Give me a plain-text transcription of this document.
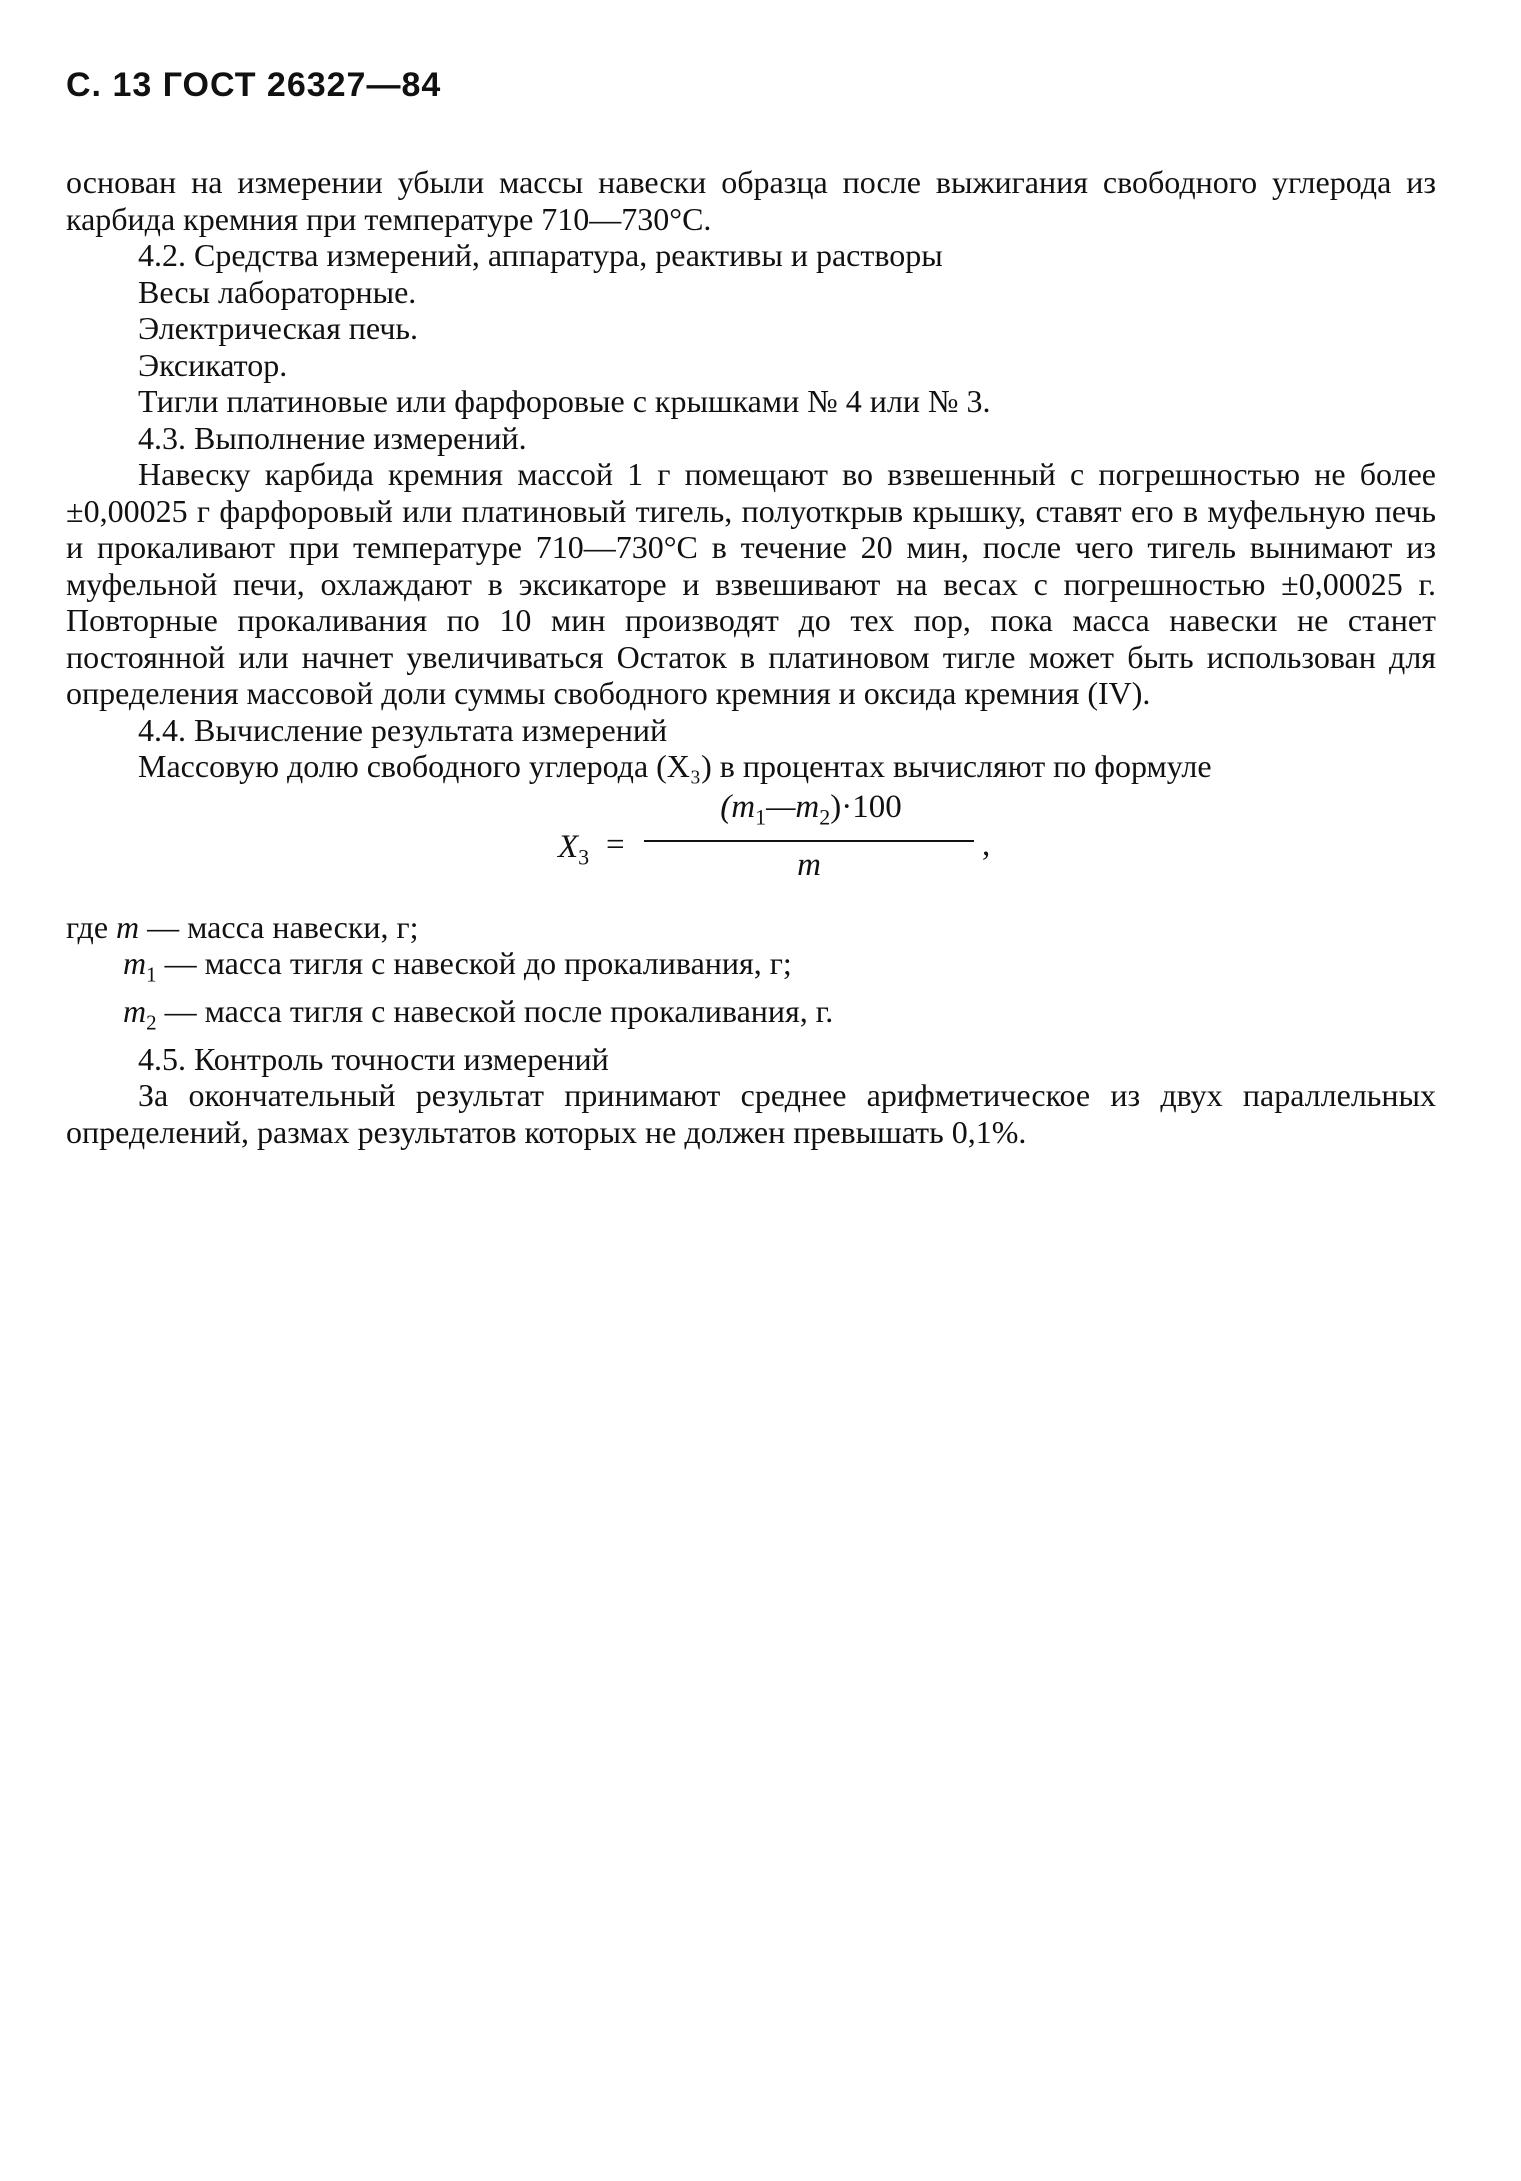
С. 13 ГОСТ 26327—84

основан на измерении убыли массы навески образца после выжигания свободного углерода из карбида кремния при температуре 710—730°С.

4.2. Средства измерений, аппаратура, реактивы и растворы

Весы лабораторные.

Электрическая печь.

Эксикатор.

Тигли платиновые или фарфоровые с крышками № 4 или № 3.

4.3. Выполнение измерений.

Навеску карбида кремния массой 1 г помещают во взвешенный с погрешностью не более ±0,00025 г фарфоровый или платиновый тигель, полуоткрыв крышку, ставят его в муфельную печь и прокаливают при температуре 710—730°С в течение 20 мин, после чего тигель вынимают из муфельной печи, охлаждают в эксикаторе и взвешивают на весах с погрешностью ±0,00025 г. Повторные прокаливания по 10 мин производят до тех пор, пока масса навески не станет постоянной или начнет увеличиваться Остаток в платиновом тигле может быть использован для определения массовой доли суммы свободного кремния и оксида кремния (IV).

4.4. Вычисление результата измерений

Массовую долю свободного углерода (X₃) в процентах вычисляют по формуле

$X_3$ =
$(m_1—m_2)\cdot 100$
m
,
где m — масса навески, г;
$m_1$ — масса тигля с навеской до прокаливания, г;
$m_2$ — масса тигля с навеской после прокаливания, г.

4.5. Контроль точности измерений

За окончательный результат принимают среднее арифметическое из двух параллельных определений, размах результатов которых не должен превышать 0,1%.
